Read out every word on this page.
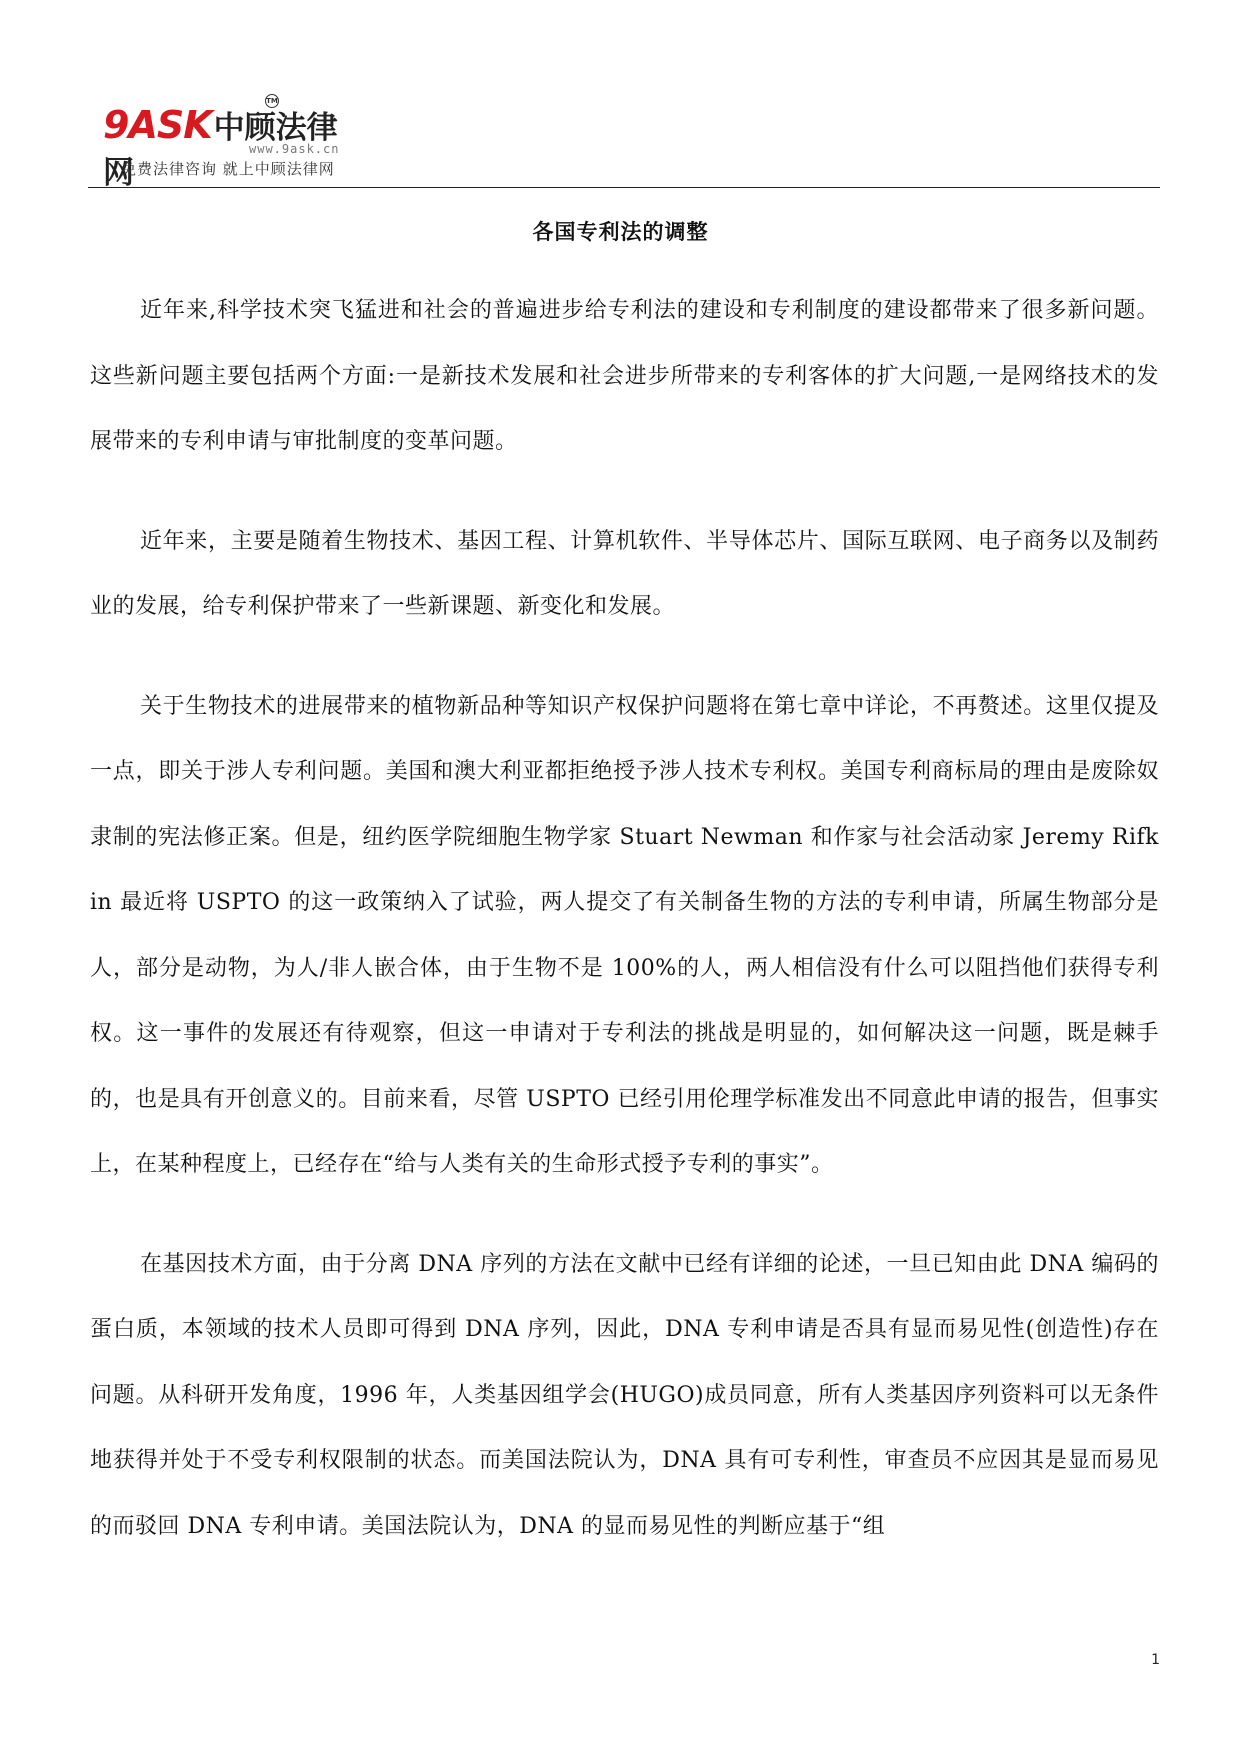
9ASK中顾法律网
TM
www.9ask.cn
免费法律咨询 就上中顾法律网
各国专利法的调整

近年来,科学技术突飞猛进和社会的普遍进步给专利法的建设和专利制度的建设都带来了很多新问题。这些新问题主要包括两个方面:一是新技术发展和社会进步所带来的专利客体的扩大问题,一是网络技术的发展带来的专利申请与审批制度的变革问题。

近年来，主要是随着生物技术、基因工程、计算机软件、半导体芯片、国际互联网、电子商务以及制药业的发展，给专利保护带来了一些新课题、新变化和发展。

关于生物技术的进展带来的植物新品种等知识产权保护问题将在第七章中详论，不再赘述。这里仅提及一点，即关于涉人专利问题。美国和澳大利亚都拒绝授予涉人技术专利权。美国专利商标局的理由是废除奴隶制的宪法修正案。但是，纽约医学院细胞生物学家 Stuart Newman 和作家与社会活动家 Jeremy Rifkin 最近将 USPTO 的这一政策纳入了试验，两人提交了有关制备生物的方法的专利申请，所属生物部分是人，部分是动物，为人/非人嵌合体，由于生物不是 100%的人，两人相信没有什么可以阻挡他们获得专利权。这一事件的发展还有待观察，但这一申请对于专利法的挑战是明显的，如何解决这一问题，既是棘手的，也是具有开创意义的。目前来看，尽管 USPTO 已经引用伦理学标准发出不同意此申请的报告，但事实上，在某种程度上，已经存在“给与人类有关的生命形式授予专利的事实”。

在基因技术方面，由于分离 DNA 序列的方法在文献中已经有详细的论述，一旦已知由此 DNA 编码的蛋白质，本领域的技术人员即可得到 DNA 序列，因此，DNA 专利申请是否具有显而易见性(创造性)存在问题。从科研开发角度，1996 年，人类基因组学会(HUGO)成员同意，所有人类基因序列资料可以无条件地获得并处于不受专利权限制的状态。而美国法院认为，DNA 具有可专利性，审查员不应因其是显而易见的而驳回 DNA 专利申请。美国法院认为，DNA 的显而易见性的判断应基于“组

1
